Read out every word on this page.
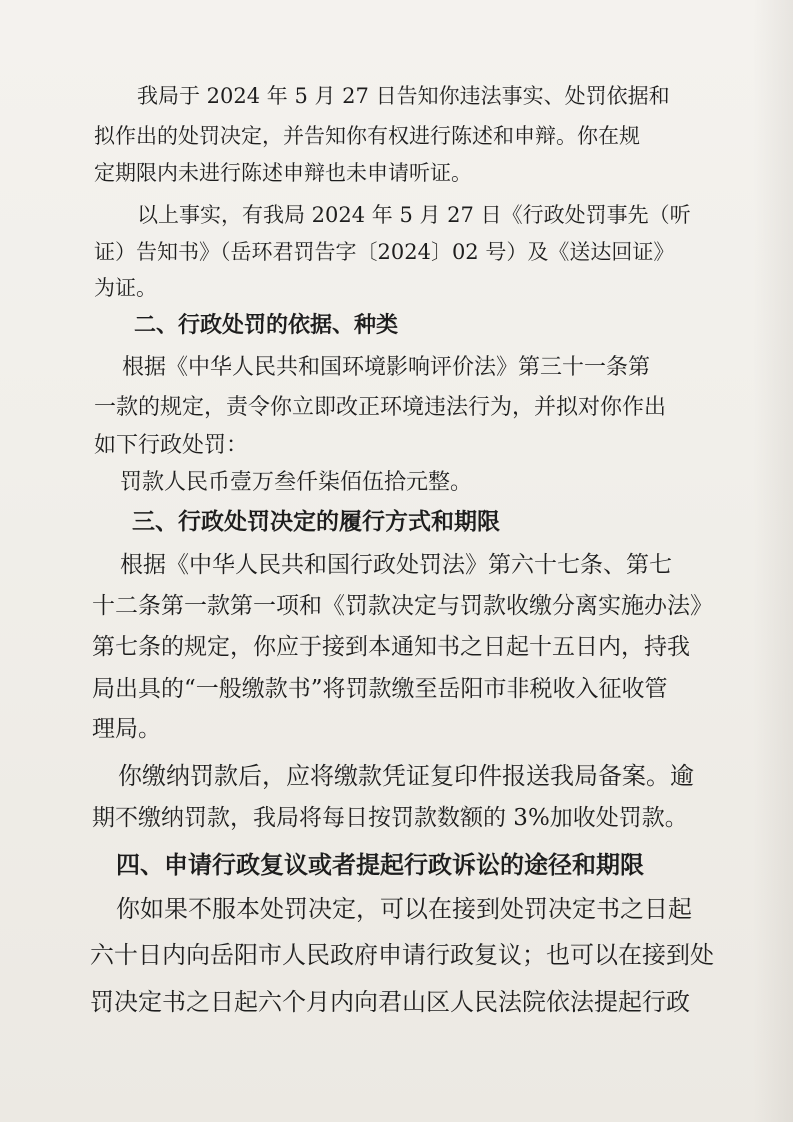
我局于 2024 年 5 月 27 日告知你违法事实、处罚依据和
拟作出的处罚决定，并告知你有权进行陈述和申辩。你在规
定期限内未进行陈述申辩也未申请听证。
以上事实，有我局 2024 年 5 月 27 日《行政处罚事先（听
证）告知书》（岳环君罚告字〔2024〕02 号）及《送达回证》
为证。
二、行政处罚的依据、种类
根据《中华人民共和国环境影响评价法》第三十一条第
一款的规定，责令你立即改正环境违法行为，并拟对你作出
如下行政处罚：
罚款人民币壹万叁仟柒佰伍拾元整。
三、行政处罚决定的履行方式和期限
根据《中华人民共和国行政处罚法》第六十七条、第七
十二条第一款第一项和《罚款决定与罚款收缴分离实施办法》
第七条的规定，你应于接到本通知书之日起十五日内，持我
局出具的“一般缴款书”将罚款缴至岳阳市非税收入征收管
理局。
你缴纳罚款后，应将缴款凭证复印件报送我局备案。逾
期不缴纳罚款，我局将每日按罚款数额的 3%加收处罚款。
四、申请行政复议或者提起行政诉讼的途径和期限
你如果不服本处罚决定，可以在接到处罚决定书之日起
六十日内向岳阳市人民政府申请行政复议；也可以在接到处
罚决定书之日起六个月内向君山区人民法院依法提起行政
